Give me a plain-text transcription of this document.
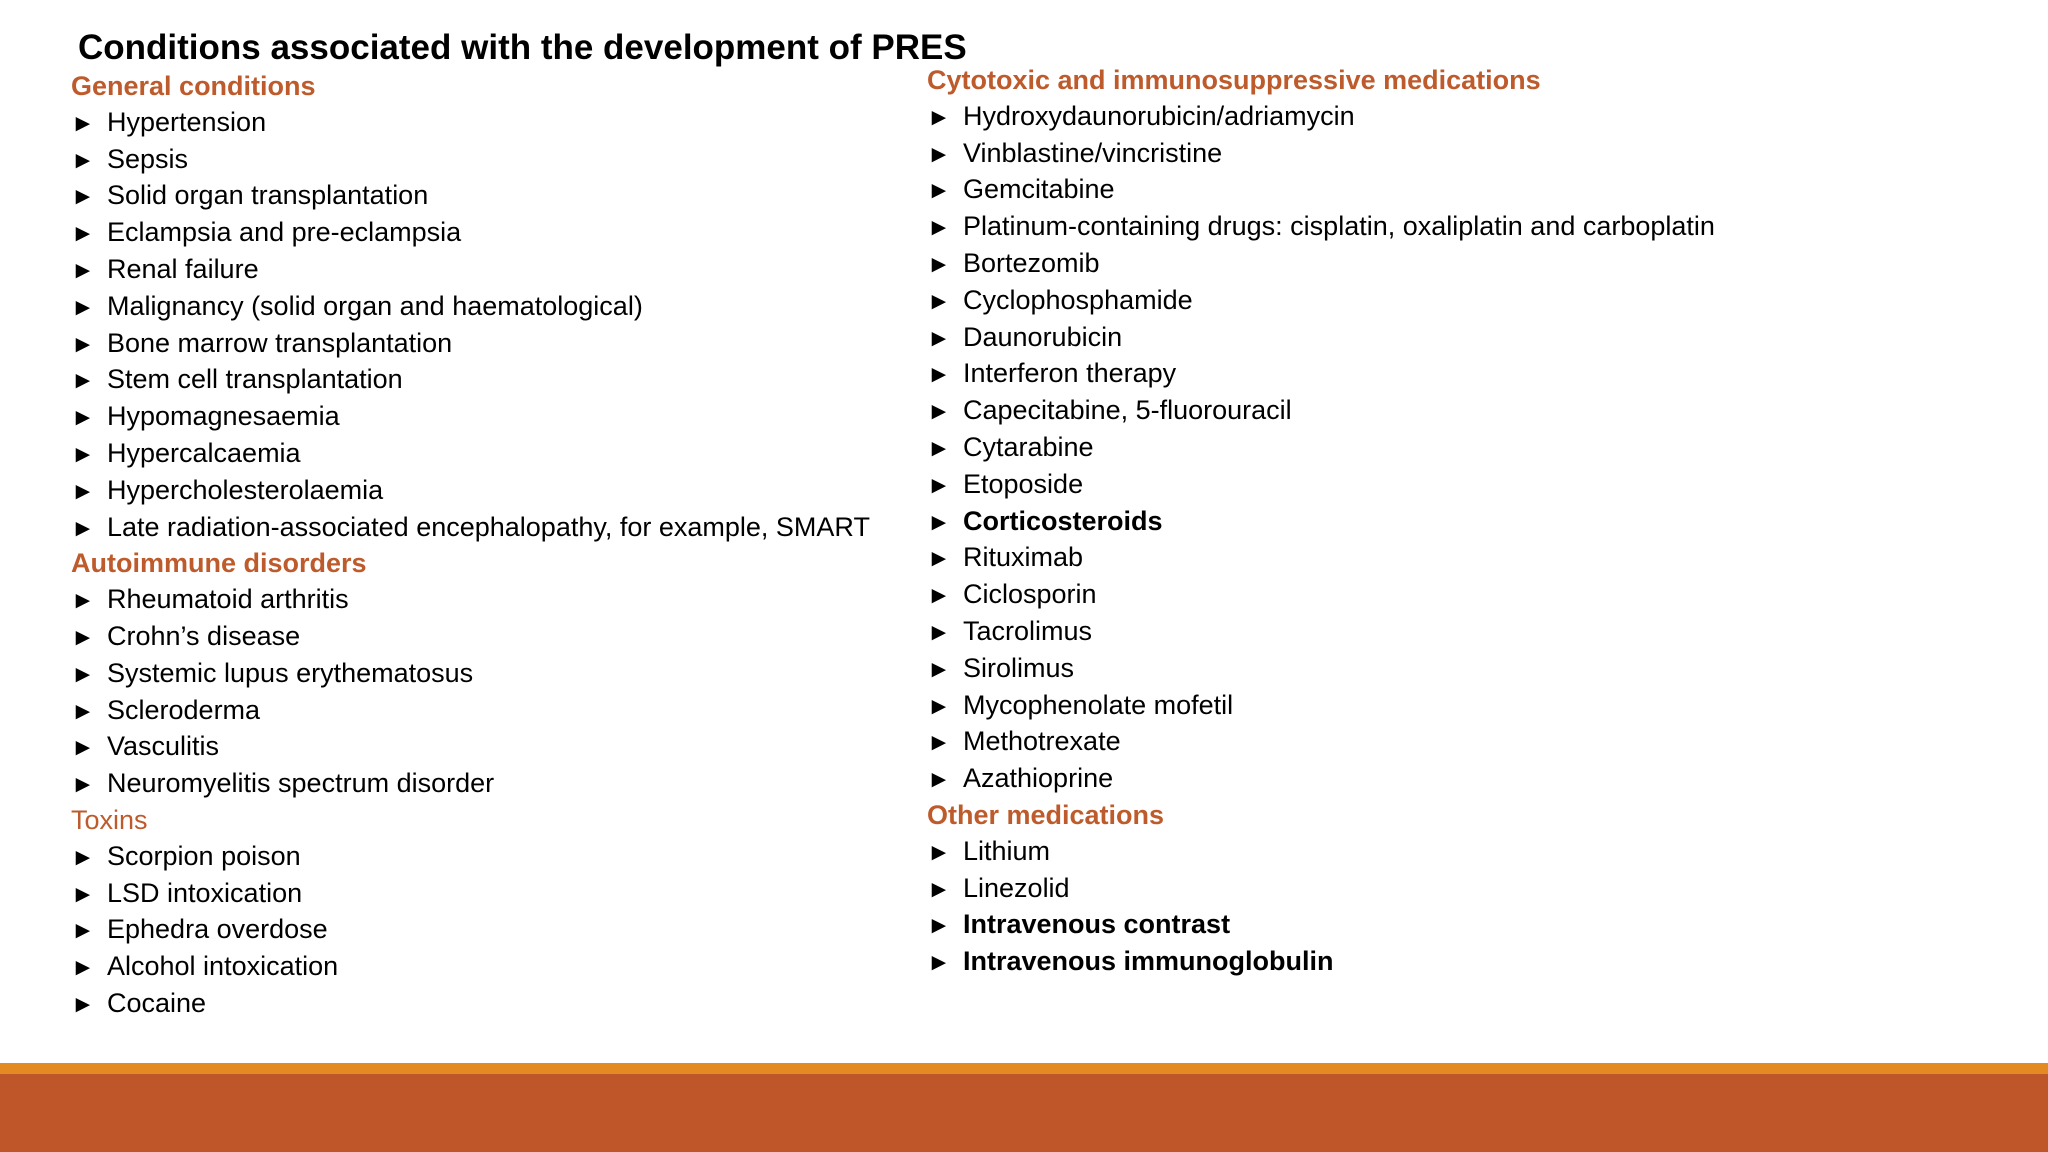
Conditions associated with the development of PRES
General conditions
► Hypertension
► Sepsis
► Solid organ transplantation
► Eclampsia and pre-eclampsia
► Renal failure
► Malignancy (solid organ and haematological)
► Bone marrow transplantation
► Stem cell transplantation
► Hypomagnesaemia
► Hypercalcaemia
► Hypercholesterolaemia
► Late radiation-associated encephalopathy, for example, SMART
Autoimmune disorders
► Rheumatoid arthritis
► Crohn’s disease
► Systemic lupus erythematosus
► Scleroderma
► Vasculitis
► Neuromyelitis spectrum disorder
Toxins
► Scorpion poison
► LSD intoxication
► Ephedra overdose
► Alcohol intoxication
► Cocaine
Cytotoxic and immunosuppressive medications
► Hydroxydaunorubicin/adriamycin
► Vinblastine/vincristine
► Gemcitabine
► Platinum-containing drugs: cisplatin, oxaliplatin and carboplatin
► Bortezomib
► Cyclophosphamide
► Daunorubicin
► Interferon therapy
► Capecitabine, 5-fluorouracil
► Cytarabine
► Etoposide
► Corticosteroids
► Rituximab
► Ciclosporin
► Tacrolimus
► Sirolimus
► Mycophenolate mofetil
► Methotrexate
► Azathioprine
Other medications
► Lithium
► Linezolid
► Intravenous contrast
► Intravenous immunoglobulin
